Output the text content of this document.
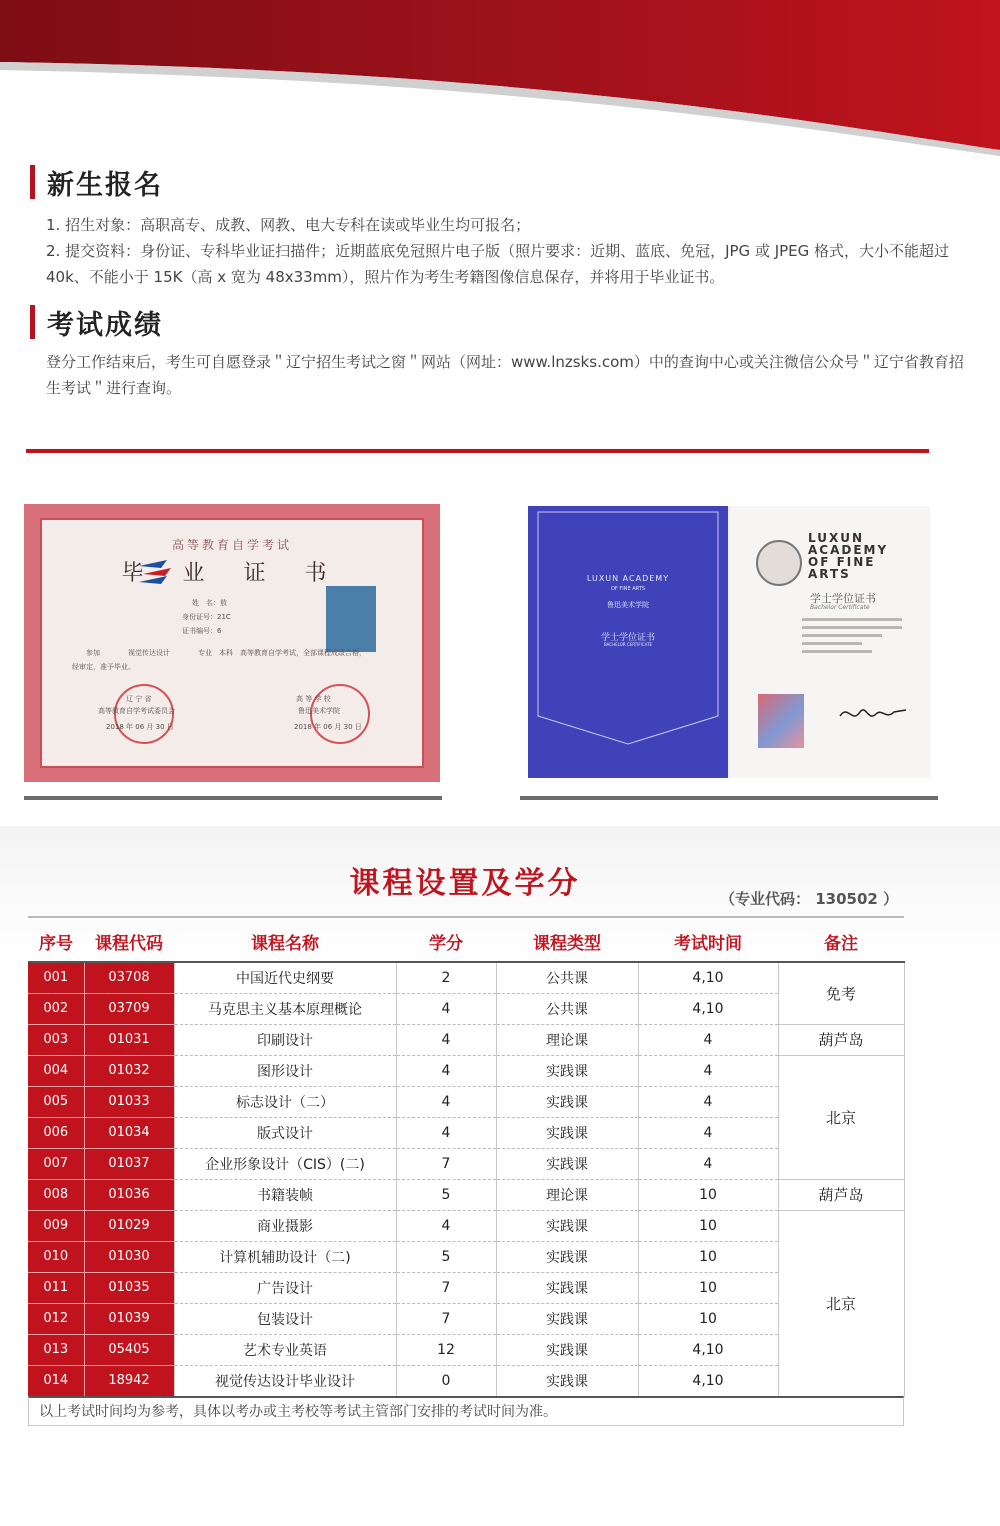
新生报名
1. 招生对象：高职高专、成教、网教、电大专科在读或毕业生均可报名；
2. 提交资料：身份证、专科毕业证扫描件；近期蓝底免冠照片电子版（照片要求：近期、蓝底、免冠，JPG 或 JPEG 格式，大小不能超过 40k、不能小于 15K（高 x 宽为 48x33mm），照片作为考生考籍图像信息保存，并将用于毕业证书。
考试成绩
登分工作结束后，考生可自愿登录＂辽宁招生考试之窗＂网站（网址：www.lnzsks.com）中的查询中心或关注微信公众号＂辽宁省教育招生考试＂进行查询。
高等教育自学考试
毕 业 证 书
姓　名：敖
身份证号：21C
证书编号：6
参加　　　　视觉传达设计　　　　专业　本科　高等教育自学考试，全部课程成绩合格，
经审定，准予毕业。
辽 宁 省
高等教育自学考试委员会
高 等 学 校
鲁迅美术学院
2018 年 06 月 30 日	2018 年 06 月 30 日
LUXUN ACADEMY
OF FINE ARTS
鲁迅美术学院
学士学位证书
BACHELOR CERTIFICATE
LUXUN
ACADEMY
OF FINE
ARTS
学士学位证书
Bachelor Certificate
课程设置及学分	（专业代码： 130502 ）
序号	课程代码	课程名称	学分	课程类型	考试时间	备注
001	03708	中国近代史纲要	2	公共课	4,10	免考
002	03709	马克思主义基本原理概论	4	公共课	4,10	
003	01031	印刷设计	4	理论课	4	葫芦岛
004	01032	图形设计	4	实践课	4	北京
005	01033	标志设计（二）	4	实践课	4	
006	01034	版式设计	4	实践课	4	
007	01037	企业形象设计（CIS）(二)	7	实践课	4	
008	01036	书籍装帧	5	理论课	10	葫芦岛
009	01029	商业摄影	4	实践课	10	北京
010	01030	计算机辅助设计（二)	5	实践课	10	
011	01035	广告设计	7	实践课	10	
012	01039	包装设计	7	实践课	10	
013	05405	艺术专业英语	12	实践课	4,10	
014	18942	视觉传达设计毕业设计	0	实践课	4,10	
以上考试时间均为参考，具体以考办或主考校等考试主管部门安排的考试时间为准。
